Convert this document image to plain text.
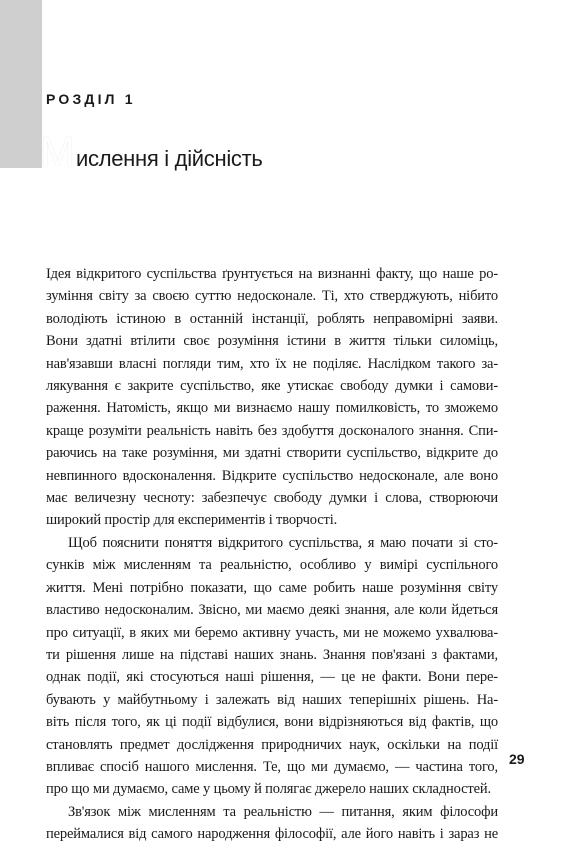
РОЗДІЛ 1
М ислення і дійсність

Ідея відкритого суспільства ґрунтується на визнанні факту, що наше ро-

зуміння світу за своєю суттю недосконале. Ті, хто стверджують, нібито

володіють істиною в останній інстанції, роблять неправомірні заяви.

Вони здатні втілити своє розуміння істини в життя тільки силоміць,

нав'язавши власні погляди тим, хто їх не поділяє. Наслідком такого за-

лякування є закрите суспільство, яке утискає свободу думки і самови-

раження. Натомість, якщо ми визнаємо нашу помилковість, то зможемо

краще розуміти реальність навіть без здобуття досконалого знання. Спи-

раючись на таке розуміння, ми здатні створити суспільство, відкрите до

невпинного вдосконалення. Відкрите суспільство недосконале, але воно

має величезну чесноту: забезпечує свободу думки і слова, створюючи

широкий простір для експериментів і творчості.

Щоб пояснити поняття відкритого суспільства, я маю почати зі сто-

сунків між мисленням та реальністю, особливо у вимірі суспільного

життя. Мені потрібно показати, що саме робить наше розуміння світу

властиво недосконалим. Звісно, ми маємо деякі знання, але коли йдеться

про ситуації, в яких ми беремо активну участь, ми не можемо ухвалюва-

ти рішення лише на підставі наших знань. Знання пов'язані з фактами,

однак події, які стосуються наші рішення, — це не факти. Вони пере-

бувають у майбутньому і залежать від наших теперішніх рішень. На-

віть після того, як ці події відбулися, вони відрізняються від фактів, що

становлять предмет дослідження природничих наук, оскільки на події

впливає спосіб нашого мислення. Те, що ми думаємо, — частина того,

про що ми думаємо, саме у цьому й полягає джерело наших складностей.

Зв'язок між мисленням та реальністю — питання, яким філософи

переймалися від самого народження філософії, але його навіть і зараз не

29
